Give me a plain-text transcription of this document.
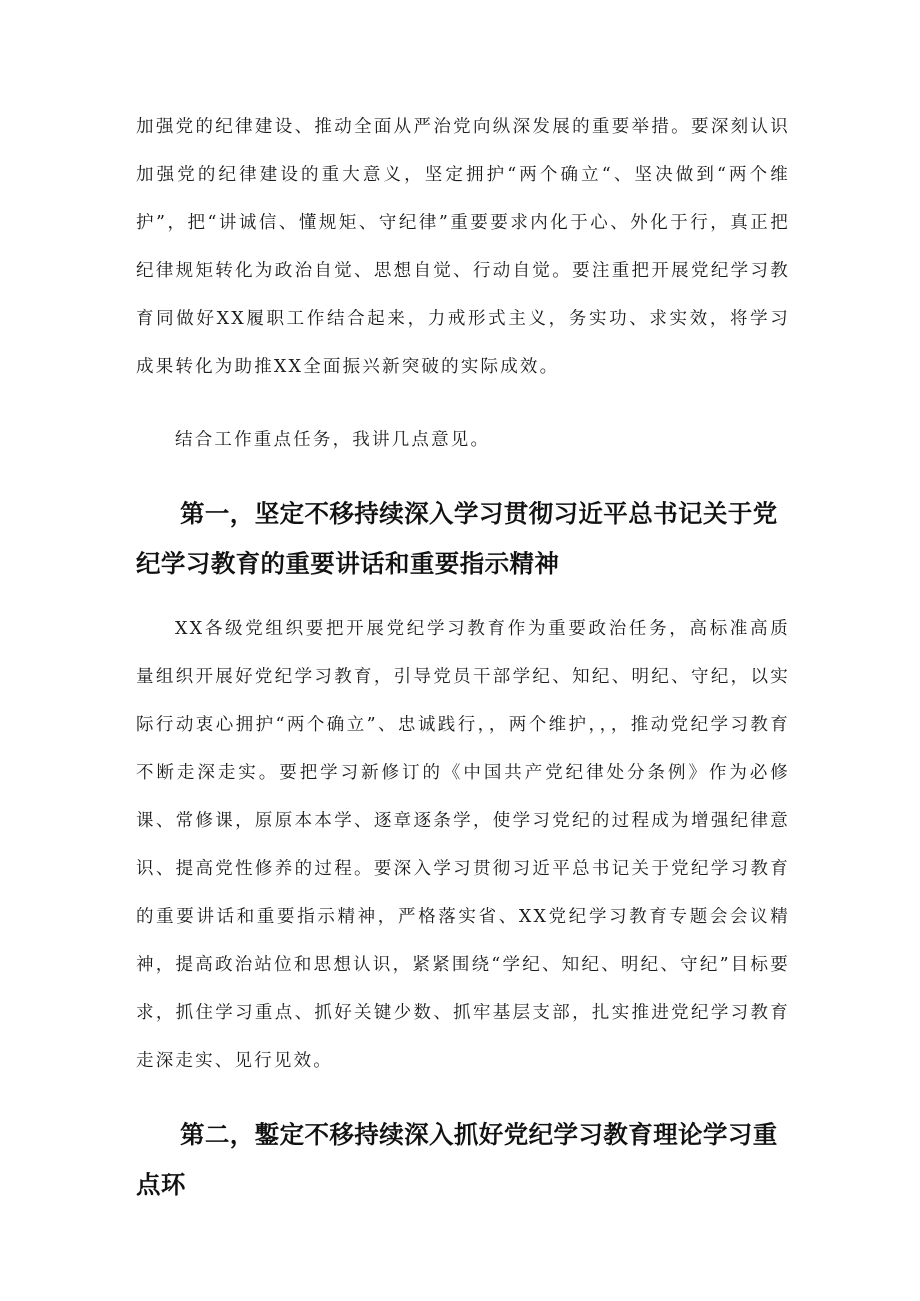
加强党的纪律建设、推动全面从严治党向纵深发展的重要举措。要深刻认识加强党的纪律建设的重大意义，坚定拥护“两个确立“、坚决做到“两个维护”，把“讲诚信、懂规矩、守纪律”重要要求内化于心、外化于行，真正把纪律规矩转化为政治自觉、思想自觉、行动自觉。要注重把开展党纪学习教育同做好XX履职工作结合起来，力戒形式主义，务实功、求实效，将学习成果转化为助推XX全面振兴新突破的实际成效。

结合工作重点任务，我讲几点意见。

第一，坚定不移持续深入学习贯彻习近平总书记关于党纪学习教育的重要讲话和重要指示精神

XX各级党组织要把开展党纪学习教育作为重要政治任务，高标准高质量组织开展好党纪学习教育，引导党员干部学纪、知纪、明纪、守纪，以实际行动衷心拥护“两个确立”、忠诚践行，，两个维护，，，推动党纪学习教育不断走深走实。要把学习新修订的《中国共产党纪律处分条例》作为必修课、常修课，原原本本学、逐章逐条学，使学习党纪的过程成为增强纪律意识、提高党性修养的过程。要深入学习贯彻习近平总书记关于党纪学习教育的重要讲话和重要指示精神，严格落实省、XX党纪学习教育专题会会议精神，提高政治站位和思想认识，紧紧围绕“学纪、知纪、明纪、守纪”目标要求，抓住学习重点、抓好关键少数、抓牢基层支部，扎实推进党纪学习教育走深走实、见行见效。

第二，鏨定不移持续深入抓好党纪学习教育理论学习重点环
